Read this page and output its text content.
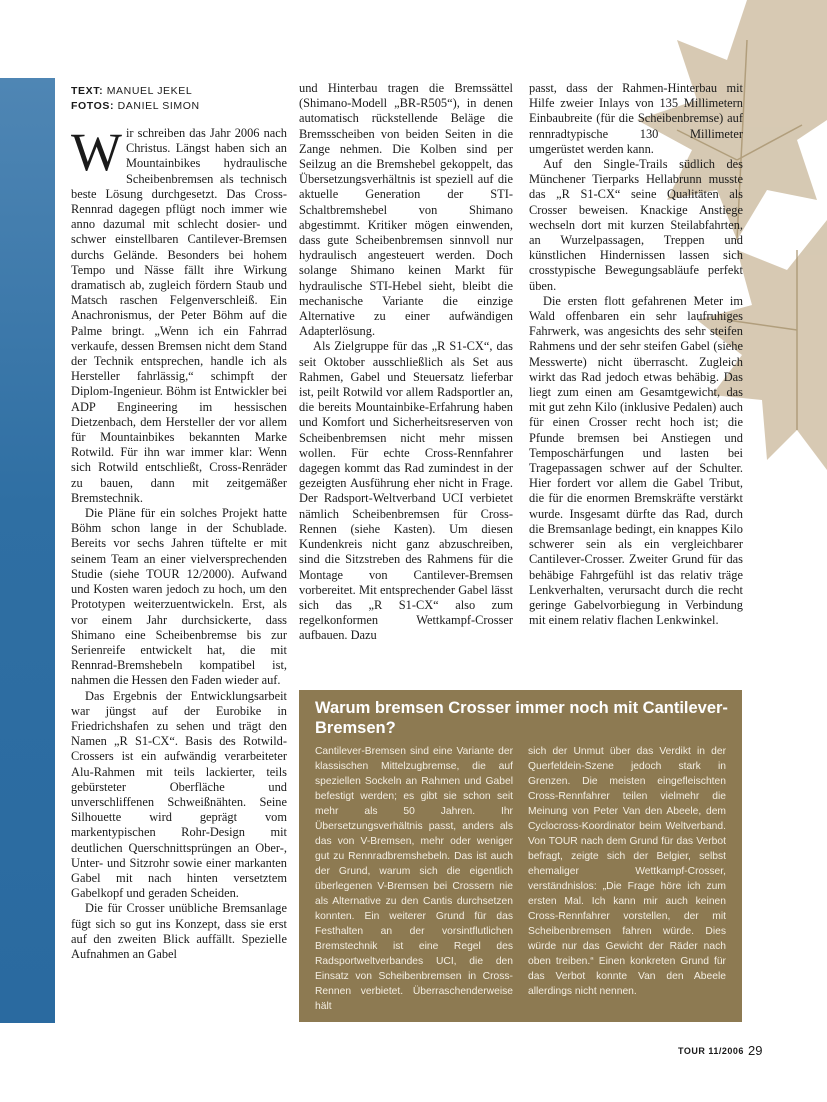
TEXT: MANUEL JEKEL
FOTOS: DANIEL SIMON

Wir schreiben das Jahr 2006 nach Christus. Längst haben sich an Mountainbikes hydraulische Scheibenbremsen als technisch beste Lösung durchgesetzt. Das Cross-Rennrad dagegen pflügt noch immer wie anno dazumal mit schlecht dosier- und schwer einstellbaren Cantilever-Bremsen durchs Gelände. Besonders bei hohem Tempo und Nässe fällt ihre Wirkung dramatisch ab, zugleich fördern Staub und Matsch raschen Felgenverschleiß. Ein Anachronismus, der Peter Böhm auf die Palme bringt. „Wenn ich ein Fahrrad verkaufe, dessen Bremsen nicht dem Stand der Technik entsprechen, handle ich als Hersteller fahrlässig,“ schimpft der Diplom-Ingenieur. Böhm ist Entwickler bei ADP Engineering im hessischen Dietzenbach, dem Hersteller der vor allem für Mountainbikes bekannten Marke Rotwild. Für ihn war immer klar: Wenn sich Rotwild entschließt, Cross-Renräder zu bauen, dann mit zeitgemäßer Bremstechnik.

Die Pläne für ein solches Projekt hatte Böhm schon lange in der Schublade. Bereits vor sechs Jahren tüftelte er mit seinem Team an einer vielversprechenden Studie (siehe TOUR 12/2000). Aufwand und Kosten waren jedoch zu hoch, um den Prototypen weiterzuentwickeln. Erst, als vor einem Jahr durchsickerte, dass Shimano eine Scheibenbremse bis zur Serienreife entwickelt hat, die mit Rennrad-Bremshebeln kompatibel ist, nahmen die Hessen den Faden wieder auf.

Das Ergebnis der Entwicklungsarbeit war jüngst auf der Eurobike in Friedrichshafen zu sehen und trägt den Namen „R S1-CX“. Basis des Rotwild-Crossers ist ein aufwändig verarbeiteter Alu-Rahmen mit teils lackierter, teils gebürsteter Oberfläche und unverschliffenen Schweißnähten. Seine Silhouette wird geprägt vom markentypischen Rohr-Design mit deutlichen Querschnittsprüngen an Ober-, Unter- und Sitzrohr sowie einer markanten Gabel mit nach hinten versetztem Gabelkopf und geraden Scheiden.

Die für Crosser unübliche Bremsanlage fügt sich so gut ins Konzept, dass sie erst auf den zweiten Blick auffällt. Spezielle Aufnahmen an Gabel

und Hinterbau tragen die Bremssättel (Shimano-Modell „BR-R505“), in denen automatisch rückstellende Beläge die Bremsscheiben von beiden Seiten in die Zange nehmen. Die Kolben sind per Seilzug an die Bremshebel gekoppelt, das Übersetzungsverhältnis ist speziell auf die aktuelle Generation der STI-Schaltbremshebel von Shimano abgestimmt. Kritiker mögen einwenden, dass gute Scheibenbremsen sinnvoll nur hydraulisch angesteuert werden. Doch solange Shimano keinen Markt für hydraulische STI-Hebel sieht, bleibt die mechanische Variante die einzige Alternative zu einer aufwändigen Adapterlösung.

Als Zielgruppe für das „R S1-CX“, das seit Oktober ausschließlich als Set aus Rahmen, Gabel und Steuersatz lieferbar ist, peilt Rotwild vor allem Radsportler an, die bereits Mountainbike-Erfahrung haben und Komfort und Sicherheitsreserven von Scheibenbremsen nicht mehr missen wollen. Für echte Cross-Rennfahrer dagegen kommt das Rad zumindest in der gezeigten Ausführung eher nicht in Frage. Der Radsport-Weltverband UCI verbietet nämlich Scheibenbremsen für Cross-Rennen (siehe Kasten). Um diesen Kundenkreis nicht ganz abzuschreiben, sind die Sitzstreben des Rahmens für die Montage von Cantilever-Bremsen vorbereitet. Mit entsprechender Gabel lässt sich das „R S1-CX“ also zum regelkonformen Wettkampf-Crosser aufbauen. Dazu

passt, dass der Rahmen-Hinterbau mit Hilfe zweier Inlays von 135 Millimetern Einbaubreite (für die Scheibenbremse) auf rennradtypische 130 Millimeter umgerüstet werden kann.

Auf den Single-Trails südlich des Münchener Tierparks Hellabrunn musste das „R S1-CX“ seine Qualitäten als Crosser beweisen. Knackige Anstiege wechseln dort mit kurzen Steilabfahrten, an Wurzelpassagen, Treppen und künstlichen Hindernissen lassen sich crosstypische Bewegungsabläufe perfekt üben.

Die ersten flott gefahrenen Meter im Wald offenbaren ein sehr laufruhiges Fahrwerk, was angesichts des sehr steifen Rahmens und der sehr steifen Gabel (siehe Messwerte) nicht überrascht. Zugleich wirkt das Rad jedoch etwas behäbig. Das liegt zum einen am Gesamtgewicht, das mit gut zehn Kilo (inklusive Pedalen) auch für einen Crosser recht hoch ist; die Pfunde bremsen bei Anstiegen und Temposchärfungen und lasten bei Tragepassagen schwer auf der Schulter. Hier fordert vor allem die Gabel Tribut, die für die enormen Bremskräfte verstärkt wurde. Insgesamt dürfte das Rad, durch die Bremsanlage bedingt, ein knappes Kilo schwerer sein als ein vergleichbarer Cantilever-Crosser. Zweiter Grund für das behäbige Fahrgefühl ist das relativ träge Lenkverhalten, verursacht durch die recht geringe Gabelvorbiegung in Verbindung mit einem relativ flachen Lenkwinkel.

Warum bremsen Crosser immer noch mit Cantilever-Bremsen?

Cantilever-Bremsen sind eine Variante der klassischen Mittelzugbremse, die auf speziellen Sockeln an Rahmen und Gabel befestigt werden; es gibt sie schon seit mehr als 50 Jahren. Ihr Übersetzungsverhältnis passt, anders als das von V-Bremsen, mehr oder weniger gut zu Rennradbremshebeln. Das ist auch der Grund, warum sich die eigentlich überlegenen V-Bremsen bei Crossern nie als Alternative zu den Cantis durchsetzen konnten. Ein weiterer Grund für das Festhalten an der vorsintflutlichen Bremstechnik ist eine Regel des Radsportweltverbandes UCI, die den Einsatz von Scheibenbremsen in Cross-Rennen verbietet. Überraschenderweise hält

sich der Unmut über das Verdikt in der Querfeldein-Szene jedoch stark in Grenzen. Die meisten eingefleischten Cross-Rennfahrer teilen vielmehr die Meinung von Peter Van den Abeele, dem Cyclocross-Koordinator beim Weltverband. Von TOUR nach dem Grund für das Verbot befragt, zeigte sich der Belgier, selbst ehemaliger Wettkampf-Crosser, verständnislos: „Die Frage höre ich zum ersten Mal. Ich kann mir auch keinen Cross-Rennfahrer vorstellen, der mit Scheibenbremsen fahren würde. Dies würde nur das Gewicht der Räder nach oben treiben.“ Einen konkreten Grund für das Verbot konnte Van den Abeele allerdings nicht nennen.

TOUR 11/2006 29
